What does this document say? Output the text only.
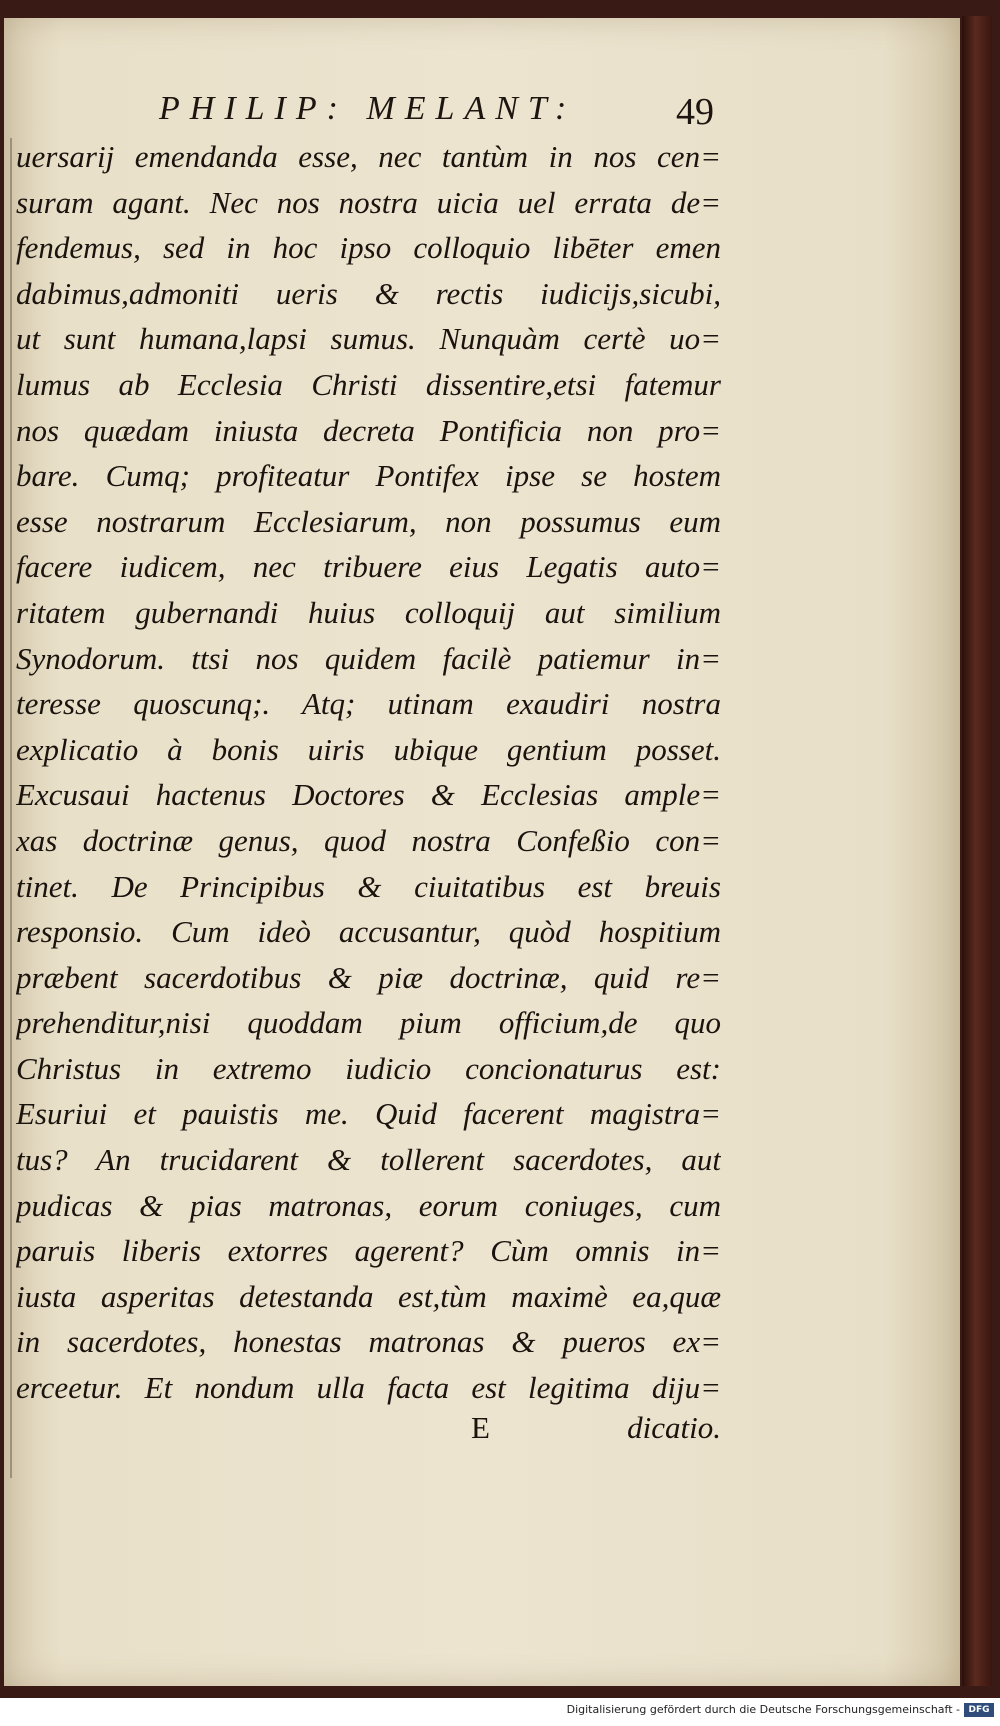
PHILIP: MELANT:	49
uersarij emendanda esse, nec tantùm in nos cen=
suram agant. Nec nos nostra uicia uel errata de=
fendemus, sed in hoc ipso colloquio libēter emen
dabimus,admoniti ueris & rectis iudicijs,sicubi,
ut sunt humana,lapsi sumus. Nunquàm certè uo=
lumus ab Ecclesia Christi dissentire,etsi fatemur
nos quædam iniusta decreta Pontificia non pro=
bare. Cumq; profiteatur Pontifex ipse se hostem
esse nostrarum Ecclesiarum, non possumus eum
facere iudicem, nec tribuere eius Legatis auto=
ritatem gubernandi huius colloquij aut similium
Synodorum. ttsi nos quidem facilè patiemur in=
teresse quoscunq;. Atq; utinam exaudiri nostra
explicatio à bonis uiris ubique gentium posset.
Excusaui hactenus Doctores & Ecclesias ample=
xas doctrinæ genus, quod nostra Confeßio con=
tinet. De Principibus & ciuitatibus est breuis
responsio. Cum ideò accusantur, quòd hospitium
præbent sacerdotibus & piæ doctrinæ, quid re=
prehenditur,nisi quoddam pium officium,de quo
Christus in extremo iudicio concionaturus est:
Esuriui et pauistis me. Quid facerent magistra=
tus? An trucidarent & tollerent sacerdotes, aut
pudicas & pias matronas, eorum coniuges, cum
paruis liberis extorres agerent? Cùm omnis in=
iusta asperitas detestanda est,tùm maximè ea,quæ
in sacerdotes, honestas matronas & pueros ex=
erceetur. Et nondum ulla facta est legitima diju=
E	dicatio.
Digitalisierung gefördert durch die Deutsche Forschungsgemeinschaft - DFG
